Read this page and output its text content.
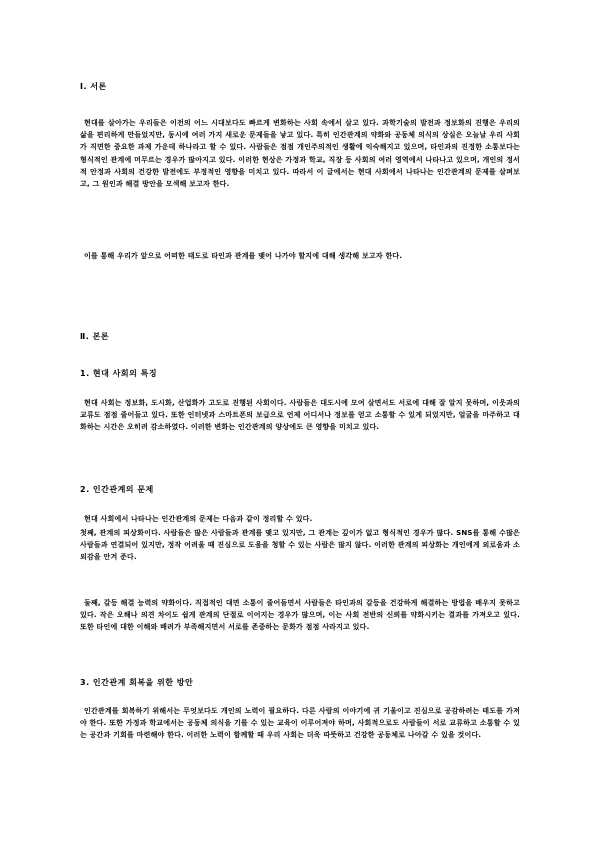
Ⅰ. 서론

현대를 살아가는 우리들은 이전의 어느 시대보다도 빠르게 변화하는 사회 속에서 살고 있다. 과학기술의 발전과 정보화의 진행은 우리의 삶을 편리하게 만들었지만, 동시에 여러 가지 새로운 문제들을 낳고 있다. 특히 인간관계의 약화와 공동체 의식의 상실은 오늘날 우리 사회가 직면한 중요한 과제 가운데 하나라고 할 수 있다. 사람들은 점점 개인주의적인 생활에 익숙해지고 있으며, 타인과의 진정한 소통보다는 형식적인 관계에 머무르는 경우가 많아지고 있다. 이러한 현상은 가정과 학교, 직장 등 사회의 여러 영역에서 나타나고 있으며, 개인의 정서적 안정과 사회의 건강한 발전에도 부정적인 영향을 미치고 있다. 따라서 이 글에서는 현대 사회에서 나타나는 인간관계의 문제를 살펴보고, 그 원인과 해결 방안을 모색해 보고자 한다.

이를 통해 우리가 앞으로 어떠한 태도로 타인과 관계를 맺어 나가야 할지에 대해 생각해 보고자 한다.

Ⅱ. 본론
1. 현대 사회의 특징

현대 사회는 정보화, 도시화, 산업화가 고도로 진행된 사회이다. 사람들은 대도시에 모여 살면서도 서로에 대해 잘 알지 못하며, 이웃과의 교류도 점점 줄어들고 있다. 또한 인터넷과 스마트폰의 보급으로 언제 어디서나 정보를 얻고 소통할 수 있게 되었지만, 얼굴을 마주하고 대화하는 시간은 오히려 감소하였다. 이러한 변화는 인간관계의 양상에도 큰 영향을 미치고 있다.

2. 인간관계의 문제

현대 사회에서 나타나는 인간관계의 문제는 다음과 같이 정리할 수 있다.

첫째, 관계의 피상화이다. 사람들은 많은 사람들과 관계를 맺고 있지만, 그 관계는 깊이가 없고 형식적인 경우가 많다. SNS를 통해 수많은 사람들과 연결되어 있지만, 정작 어려울 때 진심으로 도움을 청할 수 있는 사람은 많지 않다. 이러한 관계의 피상화는 개인에게 외로움과 소외감을 안겨 준다.

둘째, 갈등 해결 능력의 약화이다. 직접적인 대면 소통이 줄어들면서 사람들은 타인과의 갈등을 건강하게 해결하는 방법을 배우지 못하고 있다. 작은 오해나 의견 차이도 쉽게 관계의 단절로 이어지는 경우가 많으며, 이는 사회 전반의 신뢰를 약화시키는 결과를 가져오고 있다. 또한 타인에 대한 이해와 배려가 부족해지면서 서로를 존중하는 문화가 점점 사라지고 있다.

3. 인간관계 회복을 위한 방안

인간관계를 회복하기 위해서는 무엇보다도 개인의 노력이 필요하다. 다른 사람의 이야기에 귀 기울이고 진심으로 공감하려는 태도를 가져야 한다. 또한 가정과 학교에서는 공동체 의식을 기를 수 있는 교육이 이루어져야 하며, 사회적으로도 사람들이 서로 교류하고 소통할 수 있는 공간과 기회를 마련해야 한다. 이러한 노력이 함께할 때 우리 사회는 더욱 따뜻하고 건강한 공동체로 나아갈 수 있을 것이다.
